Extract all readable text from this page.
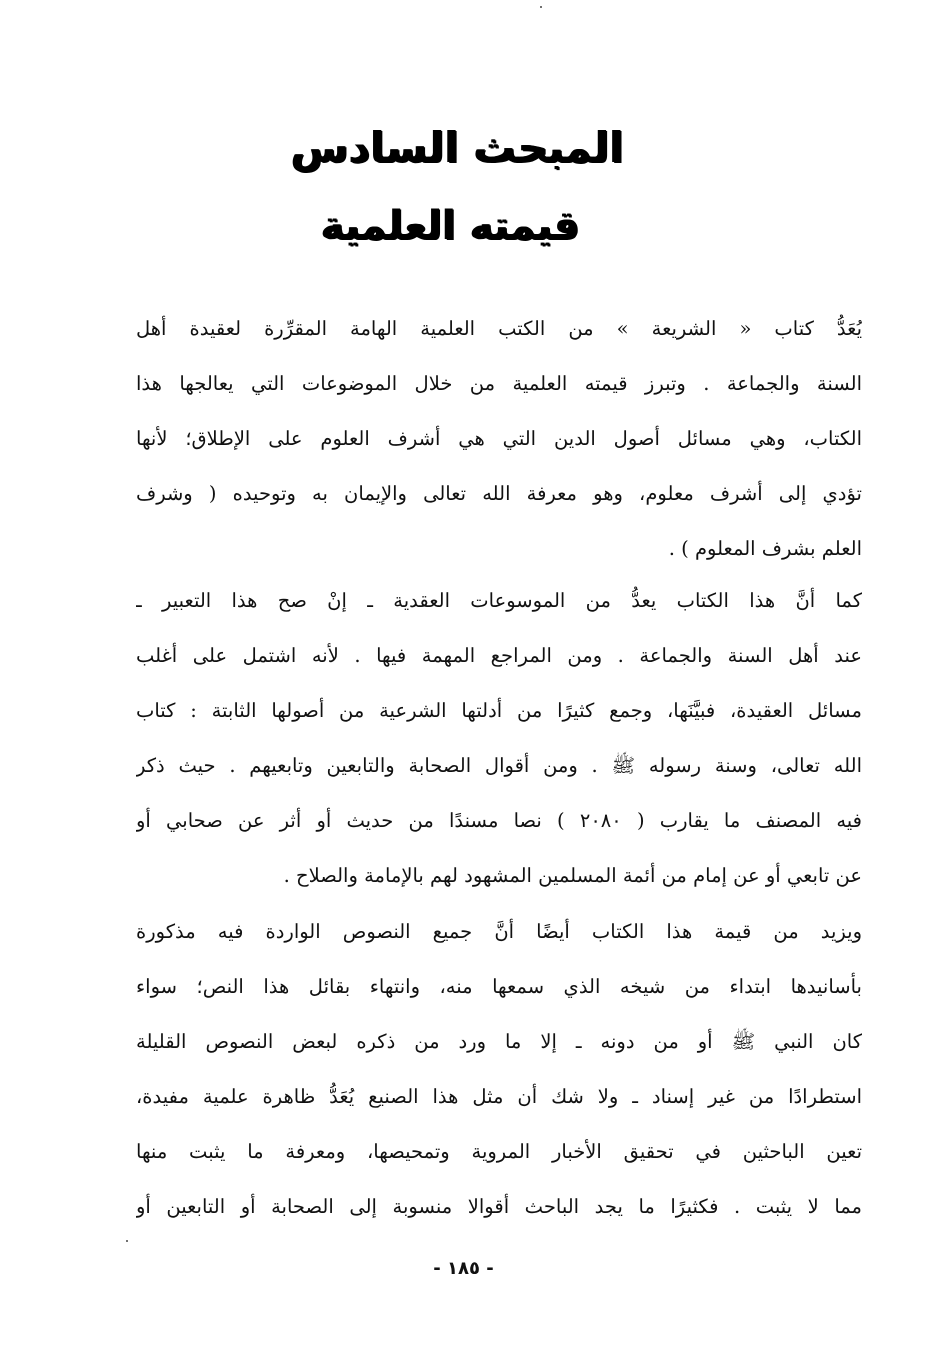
المبحث السادس
قيمته العلمية
يُعَدُّ كتاب « الشريعة » من الكتب العلمية الهامة المقرِّرة لعقيدة أهل
السنة والجماعة . وتبرز قيمته العلمية من خلال الموضوعات التي يعالجها هذا
الكتاب، وهي مسائل أصول الدين التي هي أشرف العلوم على الإطلاق؛ لأنها
تؤدي إلى أشرف معلوم، وهو معرفة الله تعالى والإيمان به وتوحيده ( وشرف
العلم بشرف المعلوم ) .
كما أنَّ هذا الكتاب يعدُّ من الموسوعات العقدية ـ إنْ صح هذا التعبير ـ
عند أهل السنة والجماعة . ومن المراجع المهمة فيها . لأنه اشتمل على أغلب
مسائل العقيدة، فبيَّنَها، وجمع كثيرًا من أدلتها الشرعية من أصولها الثابتة : كتاب
الله تعالى، وسنة رسوله ﷺ . ومن أقوال الصحابة والتابعين وتابعيهم . حيث ذكر
فيه المصنف ما يقارب ( ٢٠٨٠ ) نصا مسندًا من حديث أو أثر عن صحابي أو
عن تابعي أو عن إمام من أئمة المسلمين المشهود لهم بالإمامة والصلاح .
ويزيد من قيمة هذا الكتاب أيضًا أنَّ جميع النصوص الواردة فيه مذكورة
بأسانيدها ابتداء من شيخه الذي سمعها منه، وانتهاء بقائل هذا النص؛ سواء
كان النبي ﷺ أو من دونه ـ إلا ما ورد من ذكره لبعض النصوص القليلة
استطرادًا من غير إسناد ـ ولا شك أن مثل هذا الصنيع يُعَدُّ ظاهرة علمية مفيدة،
تعين الباحثين في تحقيق الأخبار المروية وتمحيصها، ومعرفة ما يثبت منها
مما لا يثبت . فكثيرًا ما يجد الباحث أقوالا منسوبة إلى الصحابة أو التابعين أو
- ١٨٥ -
